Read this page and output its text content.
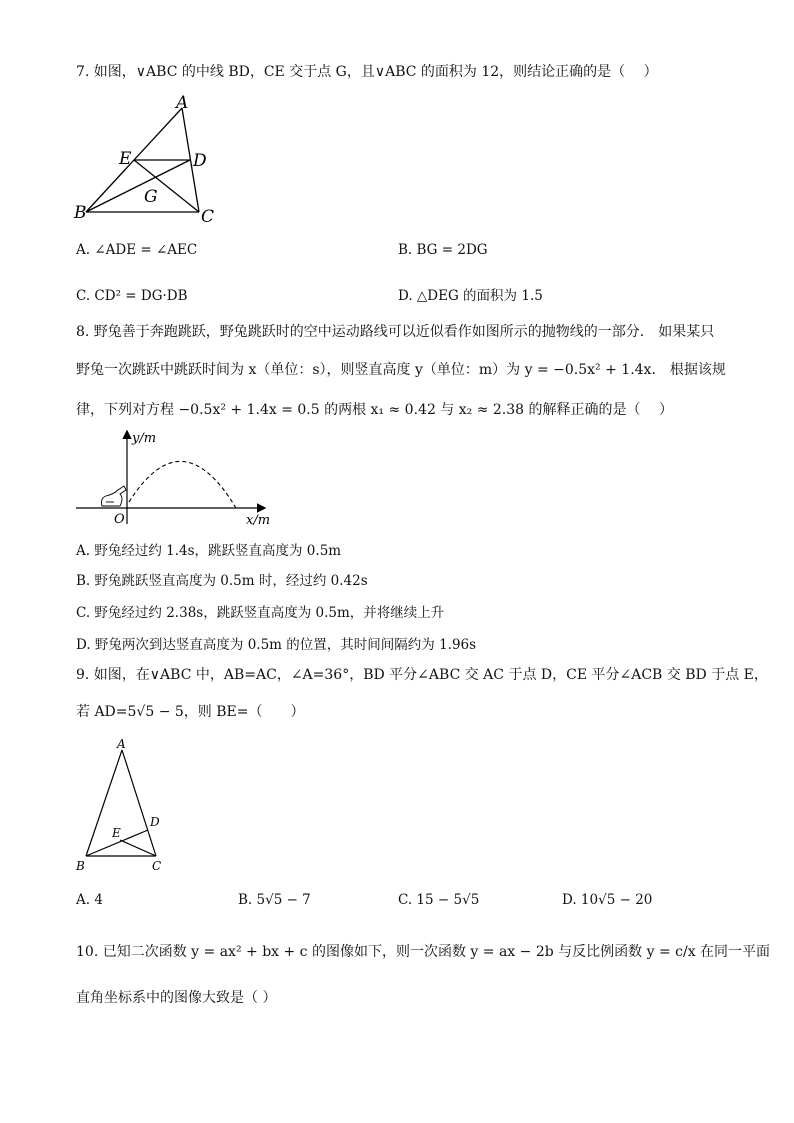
7. 如图，∨ABC 的中线 BD，CE 交于点 G，且∨ABC 的面积为 12，则结论正确的是（　 ）
A
B	C
D
E
G
A. ∠ADE = ∠AEC	B. BG = 2DG
C. CD² = DG·DB	D. △DEG 的面积为 1.5
8. 野兔善于奔跑跳跃，野兔跳跃时的空中运动路线可以近似看作如图所示的抛物线的一部分． 如果某只
野兔一次跳跃中跳跃时间为 x（单位：s），则竖直高度 y（单位：m）为 y = −0.5x² + 1.4x． 根据该规
律，下列对方程 −0.5x² + 1.4x = 0.5 的两根 x₁ ≈ 0.42 与 x₂ ≈ 2.38 的解释正确的是（　 ）
y/m
x/m
O
A. 野兔经过约 1.4s，跳跃竖直高度为 0.5m
B. 野兔跳跃竖直高度为 0.5m 时，经过约 0.42s
C. 野兔经过约 2.38s，跳跃竖直高度为 0.5m，并将继续上升
D. 野兔两次到达竖直高度为 0.5m 的位置，其时间间隔约为 1.96s
9. 如图，在∨ABC 中，AB=AC，∠A=36°，BD 平分∠ABC 交 AC 于点 D，CE 平分∠ACB 交 BD 于点 E，
若 AD=5√5 − 5，则 BE=（　　）
A
B	C
D
E
A. 4	B. 5√5 − 7	C. 15 − 5√5	D. 10√5 − 20
10. 已知二次函数 y = ax² + bx + c 的图像如下，则一次函数 y = ax − 2b 与反比例函数 y = c/x 在同一平面
直角坐标系中的图像大致是（ ）
